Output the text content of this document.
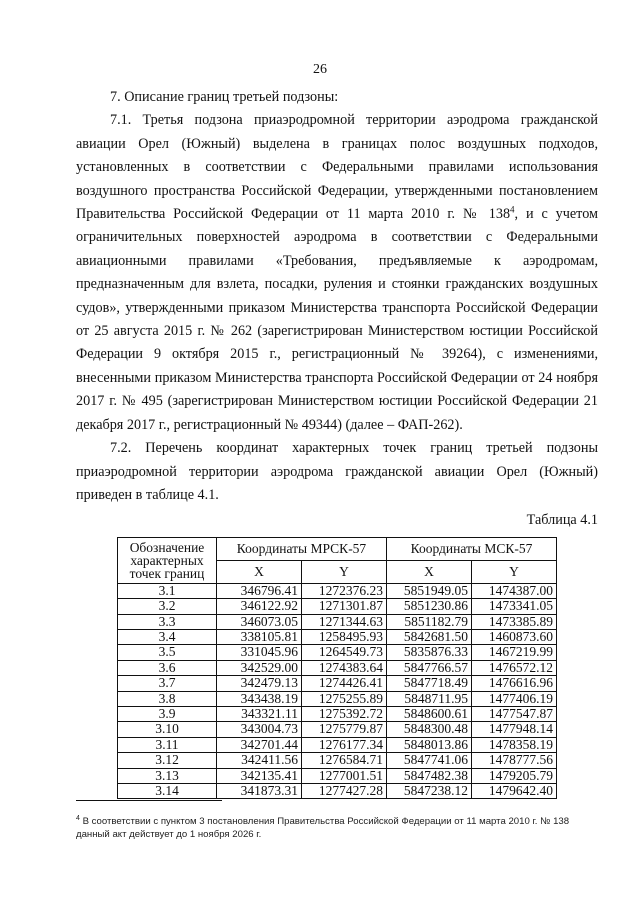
26

7. Описание границ третьей подзоны:

7.1. Третья подзона приаэродромной территории аэродрома гражданской авиации Орел (Южный) выделена в границах полос воздушных подходов, установленных в соответствии с Федеральными правилами использования воздушного пространства Российской Федерации, утвержденными постановлением Правительства Российской Федерации от 11 марта 2010 г. № $138^4$, и с учетом ограничительных поверхностей аэродрома в соответствии с Федеральными авиационными правилами «Требования, предъявляемые к аэродромам, предназначенным для взлета, посадки, руления и стоянки гражданских воздушных судов», утвержденными приказом Министерства транспорта Российской Федерации от 25 августа 2015 г. № 262 (зарегистрирован Министерством юстиции Российской Федерации 9 октября 2015 г., регистрационный № 39264), с изменениями, внесенными приказом Министерства транспорта Российской Федерации от 24 ноября 2017 г. № 495 (зарегистрирован Министерством юстиции Российской Федерации 21 декабря 2017 г., регистрационный № 49344) (далее – ФАП-262).

7.2. Перечень координат характерных точек границ третьей подзоны приаэродромной территории аэродрома гражданской авиации Орел (Южный) приведен в таблице 4.1.

Таблица 4.1
Обозначение характерных точек границ	Координаты МРСК-57		Координаты МСК-57	
	X	Y	X	Y
3.1	346796.41	1272376.23	5851949.05	1474387.00
3.2	346122.92	1271301.87	5851230.86	1473341.05
3.3	346073.05	1271344.63	5851182.79	1473385.89
3.4	338105.81	1258495.93	5842681.50	1460873.60
3.5	331045.96	1264549.73	5835876.33	1467219.99
3.6	342529.00	1274383.64	5847766.57	1476572.12
3.7	342479.13	1274426.41	5847718.49	1476616.96
3.8	343438.19	1275255.89	5848711.95	1477406.19
3.9	343321.11	1275392.72	5848600.61	1477547.87
3.10	343004.73	1275779.87	5848300.48	1477948.14
3.11	342701.44	1276177.34	5848013.86	1478358.19
3.12	342411.56	1276584.71	5847741.06	1478777.56
3.13	342135.41	1277001.51	5847482.38	1479205.79
3.14	341873.31	1277427.28	5847238.12	1479642.40
$^4$ В соответствии с пунктом 3 постановления Правительства Российской Федерации от 11 марта 2010 г. № 138 данный акт действует до 1 ноября 2026 г.
